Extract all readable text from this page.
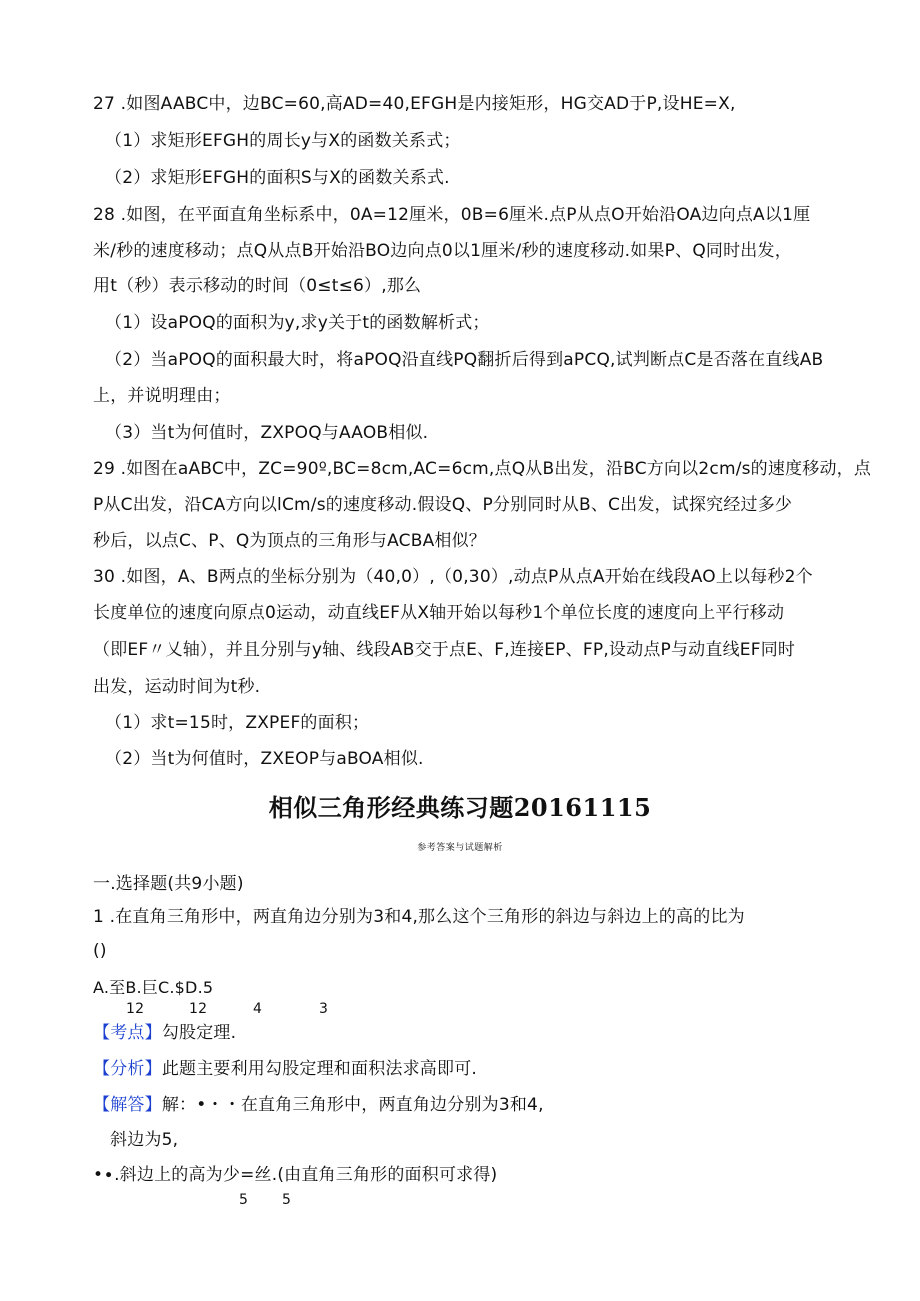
27 .如图AABC中，边BC=60,高AD=40,EFGH是内接矩形，HG交AD于P,设HE=X,
（1）求矩形EFGH的周长y与X的函数关系式；
（2）求矩形EFGH的面积S与X的函数关系式.
28 .如图，在平面直角坐标系中，0A=12厘米，0B=6厘米.点P从点O开始沿OA边向点A以1厘
米/秒的速度移动；点Q从点B开始沿BO边向点0以1厘米/秒的速度移动.如果P、Q同时出发，
用t（秒）表示移动的时间（0≤t≤6）,那么
（1）设aPOQ的面积为y,求y关于t的函数解析式；
（2）当aPOQ的面积最大时，将aPOQ沿直线PQ翻折后得到aPCQ,试判断点C是否落在直线AB
上，并说明理由；
（3）当t为何值时，ZXPOQ与AAOB相似.
29 .如图在aABC中，ZC=90º,BC=8cm,AC=6cm,点Q从B出发，沿BC方向以2cm∕s的速度移动，点
P从C出发，沿CA方向以lCm/s的速度移动.假设Q、P分别同时从B、C出发，试探究经过多少
秒后，以点C、P、Q为顶点的三角形与ACBA相似？
30 .如图，A、B两点的坐标分别为（40,0）,（0,30）,动点P从点A开始在线段AO上以每秒2个
长度单位的速度向原点0运动，动直线EF从X轴开始以每秒1个单位长度的速度向上平行移动
（即EF〃乂轴），并且分别与y轴、线段AB交于点E、F,连接EP、FP,设动点P与动直线EF同时
出发，运动时间为t秒.
（1）求t=15时，ZXPEF的面积；
（2）当t为何值时，ZXEOP与aBOA相似.
相似三角形经典练习题20161115
参考答案与试题解析
一.选择题(共9小题)
1 .在直角三角形中，两直角边分别为3和4,那么这个三角形的斜边与斜边上的高的比为
()
A.至B.巨C.$D.5
12	12	4	3
【考点】勾股定理.
【分析】此题主要利用勾股定理和面积法求高即可.
【解答】解：•・・在直角三角形中，两直角边分别为3和4,
斜边为5,
•∙.斜边上的高为少=丝.(由直角三角形的面积可求得)
5 5
